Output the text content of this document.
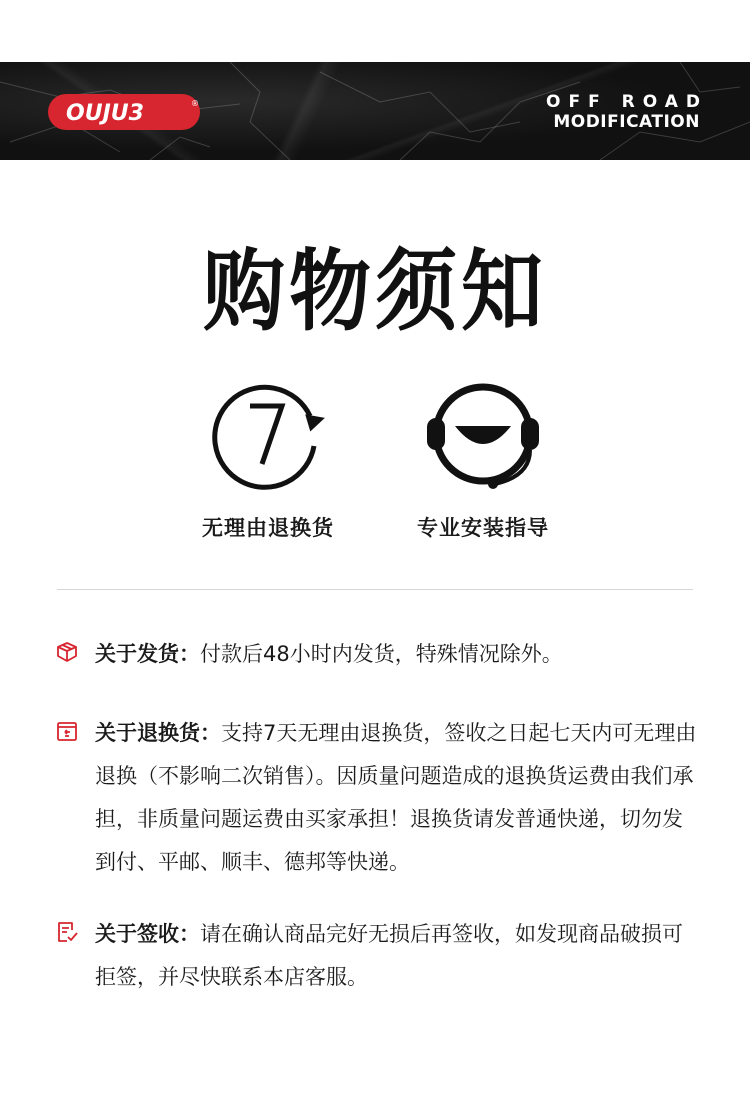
OUJU3	®	OFF ROAD
MODIFICATION
购物须知
无理由退换货	专业安装指导
关于发货：付款后48小时内发货，特殊情况除外。
关于退换货：支持7天无理由退换货，签收之日起七天内可无理由退换（不影响二次销售）。因质量问题造成的退换货运费由我们承担，非质量问题运费由买家承担！退换货请发普通快递，切勿发到付、平邮、顺丰、德邦等快递。
关于签收：请在确认商品完好无损后再签收，如发现商品破损可拒签，并尽快联系本店客服。
